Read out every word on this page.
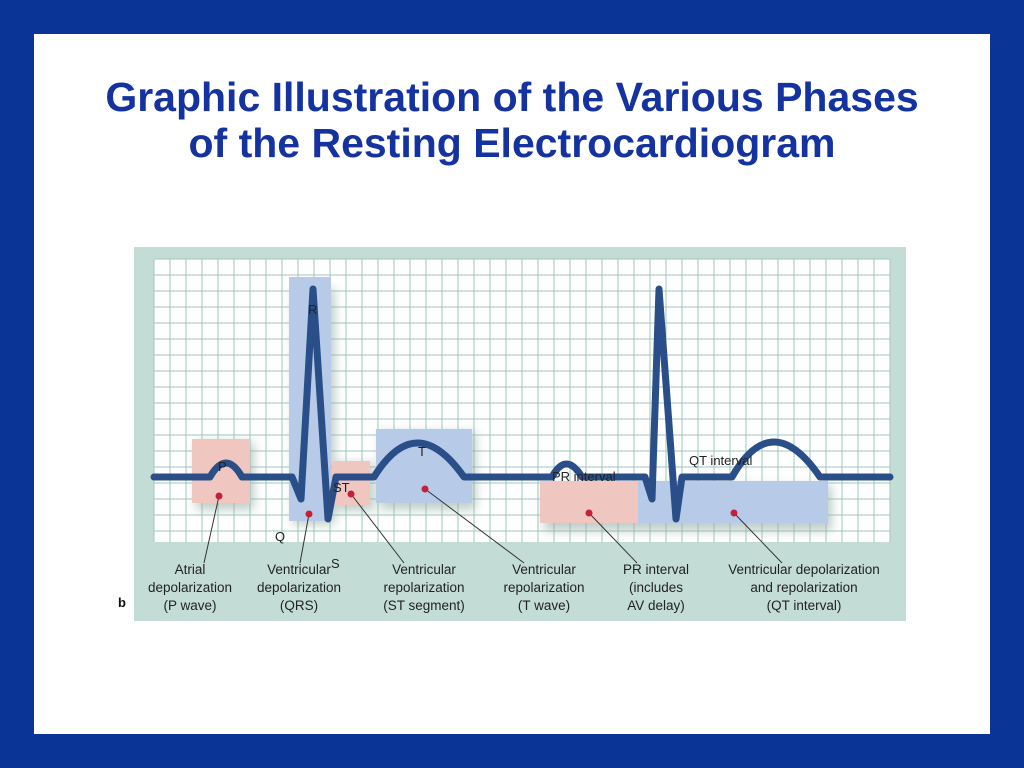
Graphic Illustration of the Various Phases
of the Resting Electrocardiogram
R
P
ST
T
Q
S
PR interval
QT interval
Atrial
depolarization
(P wave)
Ventricular
depolarization
(QRS)
Ventricular
repolarization
(ST segment)
Ventricular
repolarization
(T wave)
PR interval
(includes
AV delay)
Ventricular depolarization
and repolarization
(QT interval)
b
